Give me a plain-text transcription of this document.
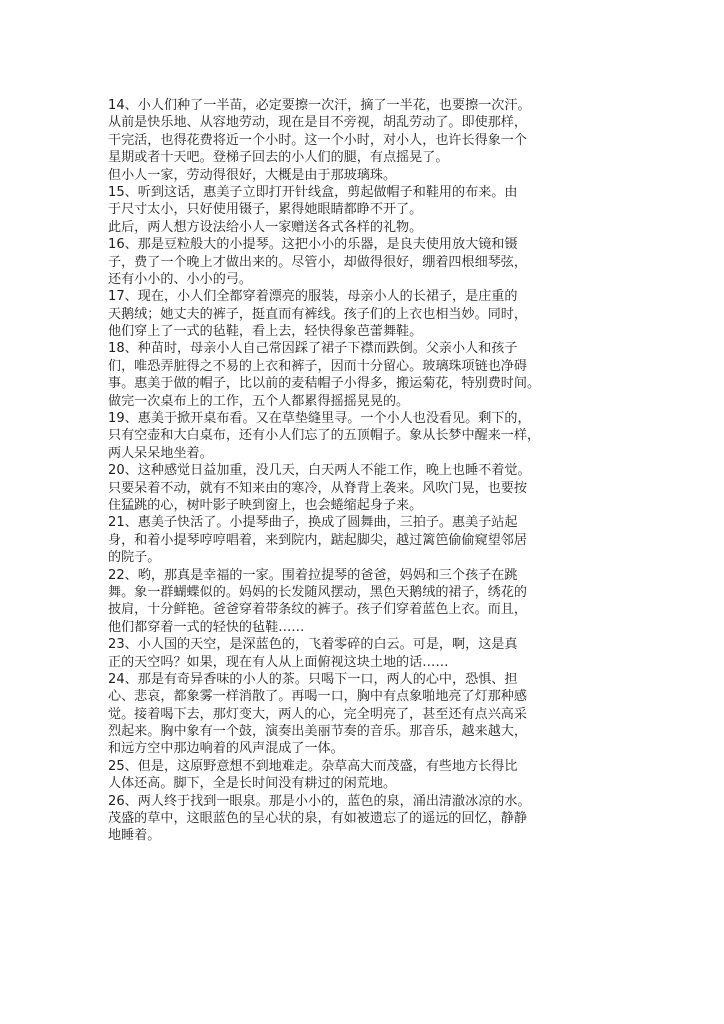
14、小人们种了一半苗，必定要擦一次汗，摘了一半花，也要擦一次汗。
从前是快乐地、从容地劳动，现在是目不旁视，胡乱劳动了。即使那样，
干完活，也得花费将近一个小时。这一个小时，对小人，也许长得象一个
星期或者十天吧。登梯子回去的小人们的腿，有点摇晃了。
但小人一家，劳动得很好，大概是由于那玻璃珠。
15、听到这话，惠美子立即打开针线盒，剪起做帽子和鞋用的布来。由
于尺寸太小，只好使用镊子，累得她眼睛都睁不开了。
此后，两人想方设法给小人一家赠送各式各样的礼物。
16、那是豆粒般大的小提琴。这把小小的乐器，是良夫使用放大镜和镊
子，费了一个晚上才做出来的。尽管小，却做得很好，绷着四根细琴弦，
还有小小的、小小的弓。
17、现在，小人们全都穿着漂亮的服装，母亲小人的长裙子，是庄重的
天鹅绒；她丈夫的裤子，挺直而有裤线。孩子们的上衣也相当妙。同时，
他们穿上了一式的毡鞋，看上去，轻快得象芭蕾舞鞋。
18、种苗时，母亲小人自己常因踩了裙子下襟而跌倒。父亲小人和孩子
们，唯恐弄脏得之不易的上衣和裤子，因而十分留心。玻璃珠项链也净碍
事。惠美于做的帽子，比以前的麦秸帽子小得多，搬运菊花，特别费时间。
做完一次桌布上的工作，五个人都累得摇摇晃晃的。
19、惠美于掀开桌布看。又在草垫缝里寻。一个小人也没看见。剩下的，
只有空壶和大白桌布，还有小人们忘了的五顶帽子。象从长梦中醒来一样，
两人呆呆地坐着。
20、这种感觉日益加重，没几天，白天两人不能工作，晚上也睡不着觉。
只要呆着不动，就有不知来由的寒冷，从脊背上袭来。风吹门晃，也要按
住猛跳的心，树叶影子映到窗上，也会蜷缩起身子来。
21、惠美子快活了。小提琴曲子，换成了圆舞曲，三拍子。惠美子站起
身，和着小提琴哼哼唱着，来到院内，踮起脚尖，越过篱笆偷偷窥望邻居
的院子。
22、哟，那真是幸福的一家。围着拉提琴的爸爸，妈妈和三个孩子在跳
舞。象一群蝴蝶似的。妈妈的长发随风摆动，黑色天鹅绒的裙子，绣花的
披肩，十分鲜艳。爸爸穿着带条纹的裤子。孩子们穿着蓝色上衣。而且，
他们都穿着一式的轻快的毡鞋……
23、小人国的天空，是深蓝色的，飞着零碎的白云。可是，啊，这是真
正的天空吗？如果，现在有人从上面俯视这块土地的话……
24、那是有奇异香味的小人的茶。只喝下一口，两人的心中，恐惧、担
心、悲哀，都象雾一样消散了。再喝一口，胸中有点象啪地亮了灯那种感
觉。接着喝下去，那灯变大，两人的心，完全明亮了，甚至还有点兴高采
烈起来。胸中象有一个鼓，演奏出美丽节奏的音乐。那音乐，越来越大，
和远方空中那边响着的风声混成了一体。
25、但是，这原野意想不到地难走。杂草高大而茂盛，有些地方长得比
人体还高。脚下，全是长时间没有耕过的闲荒地。
26、两人终于找到一眼泉。那是小小的，蓝色的泉，涌出清澈冰凉的水。
茂盛的草中，这眼蓝色的呈心状的泉，有如被遗忘了的遥远的回忆，静静
地睡着。
